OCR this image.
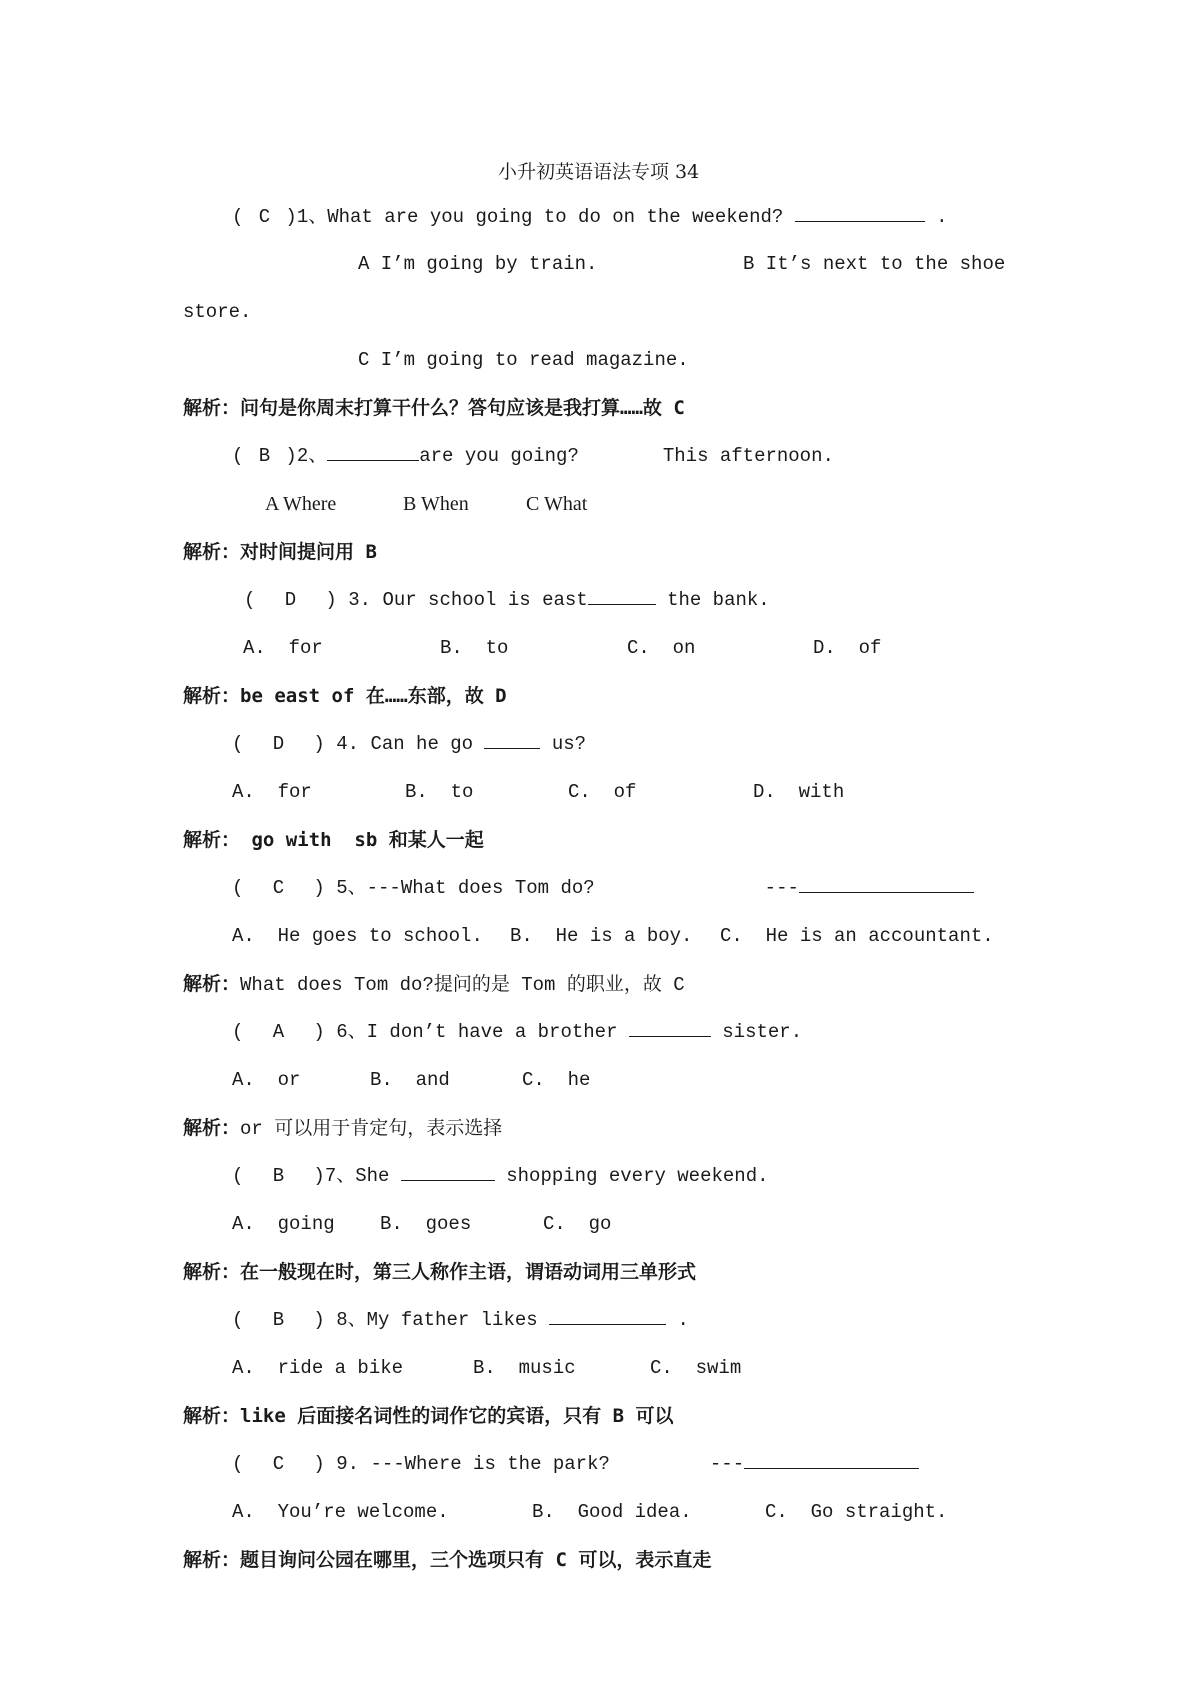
小升初英语语法专项 34
( C )1、What are you going to do on the weekend?	.
A I’m going by train.	B It’s next to the shoe
store.
C I’m going to read magazine.
解析：问句是你周末打算干什么？答句应该是我打算……故 C
( B )2、	are you going?	This afternoon.
A Where	B When	C What
解析：对时间提问用 B
( D ) 3. Our school is east	the bank.
A.  for	B.  to	C.  on	D.  of
解析：be east of 在……东部，故 D
( D ) 4. Can he go	us?
A.  for	B.  to	C.  of	D.  with
解析： go with  sb 和某人一起
( C ) 5、---What does Tom do?	---
A.  He goes to school. B.  He is a boy. C.  He is an accountant.
解析：What does Tom do?提问的是 Tom 的职业，故 C
( A ) 6、I don’t have a brother	sister.
A.  or	B.  and	C.  he
解析：or 可以用于肯定句，表示选择
( B )7、She	shopping every weekend.
A.  going B.  goes	C.  go
解析：在一般现在时，第三人称作主语，谓语动词用三单形式
( B ) 8、My father likes	.
A.  ride a bike	B.  music	C.  swim
解析：like 后面接名词性的词作它的宾语，只有 B 可以
( C ) 9. ---Where is the park?	---
A.  You’re welcome.	B.  Good idea.	C.  Go straight.
解析：题目询问公园在哪里，三个选项只有 C 可以，表示直走
